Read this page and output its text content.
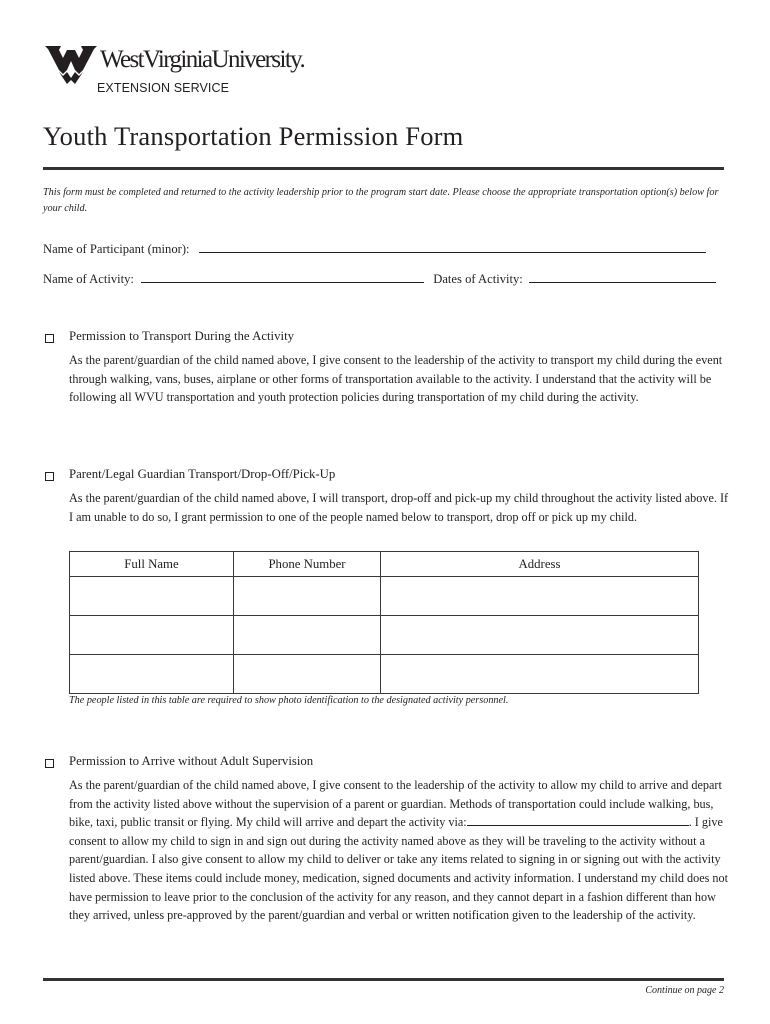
WestVirginiaUniversity.
EXTENSION SERVICE
Youth Transportation Permission Form
This form must be completed and returned to the activity leadership prior to the program start date. Please choose the appropriate transportation option(s) below for your child.
Name of Participant (minor):
Name of Activity:	Dates of Activity:
Permission to Transport During the Activity
As the parent/guardian of the child named above, I give consent to the leadership of the activity to transport my child during the event through walking, vans, buses, airplane or other forms of transportation available to the activity. I understand that the activity will be following all WVU transportation and youth protection policies during transportation of my child during the activity.
Parent/Legal Guardian Transport/Drop-Off/Pick-Up
As the parent/guardian of the child named above, I will transport, drop-off and pick-up my child throughout the activity listed above. If I am unable to do so, I grant permission to one of the people named below to transport, drop off or pick up my child.
Full Name	Phone Number	Address

The people listed in this table are required to show photo identification to the designated activity personnel.
Permission to Arrive without Adult Supervision
As the parent/guardian of the child named above, I give consent to the leadership of the activity to allow my child to arrive and depart from the activity listed above without the supervision of a parent or guardian. Methods of transportation could include walking, bus, bike, taxi, public transit or flying. My child will arrive and depart the activity via:	. I give consent to allow my child to sign in and sign out during the activity named above as they will be traveling to the activity without a parent/guardian. I also give consent to allow my child to deliver or take any items related to signing in or signing out with the activity listed above. These items could include money, medication, signed documents and activity information. I understand my child does not have permission to leave prior to the conclusion of the activity for any reason, and they cannot depart in a fashion different than how they arrived, unless pre-approved by the parent/guardian and verbal or written notification given to the leadership of the activity.
Continue on page 2
